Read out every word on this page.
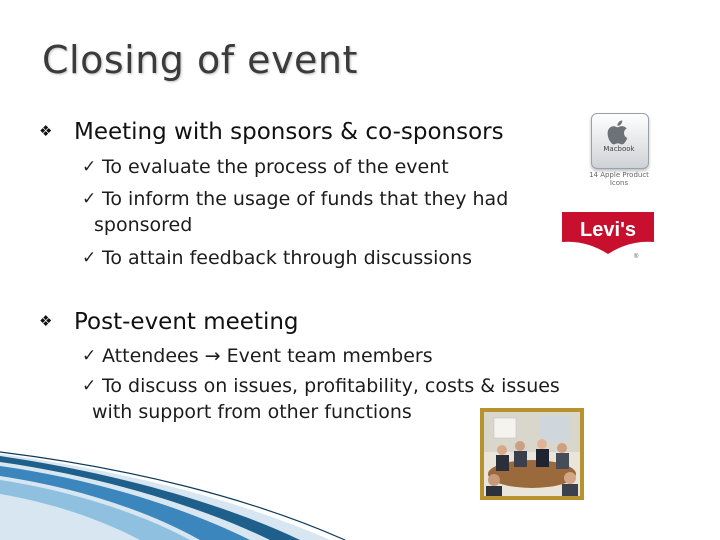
Closing of event
❖ Meeting with sponsors & co-sponsors
✓ To evaluate the process of the event
✓ To inform the usage of funds that they had
sponsored
✓ To attain feedback through discussions
❖ Post-event meeting
✓ Attendees → Event team members
✓ To discuss on issues, profitability, costs & issues
with support from other functions
Macbook
14 Apple Product Icons
Levi's
®
